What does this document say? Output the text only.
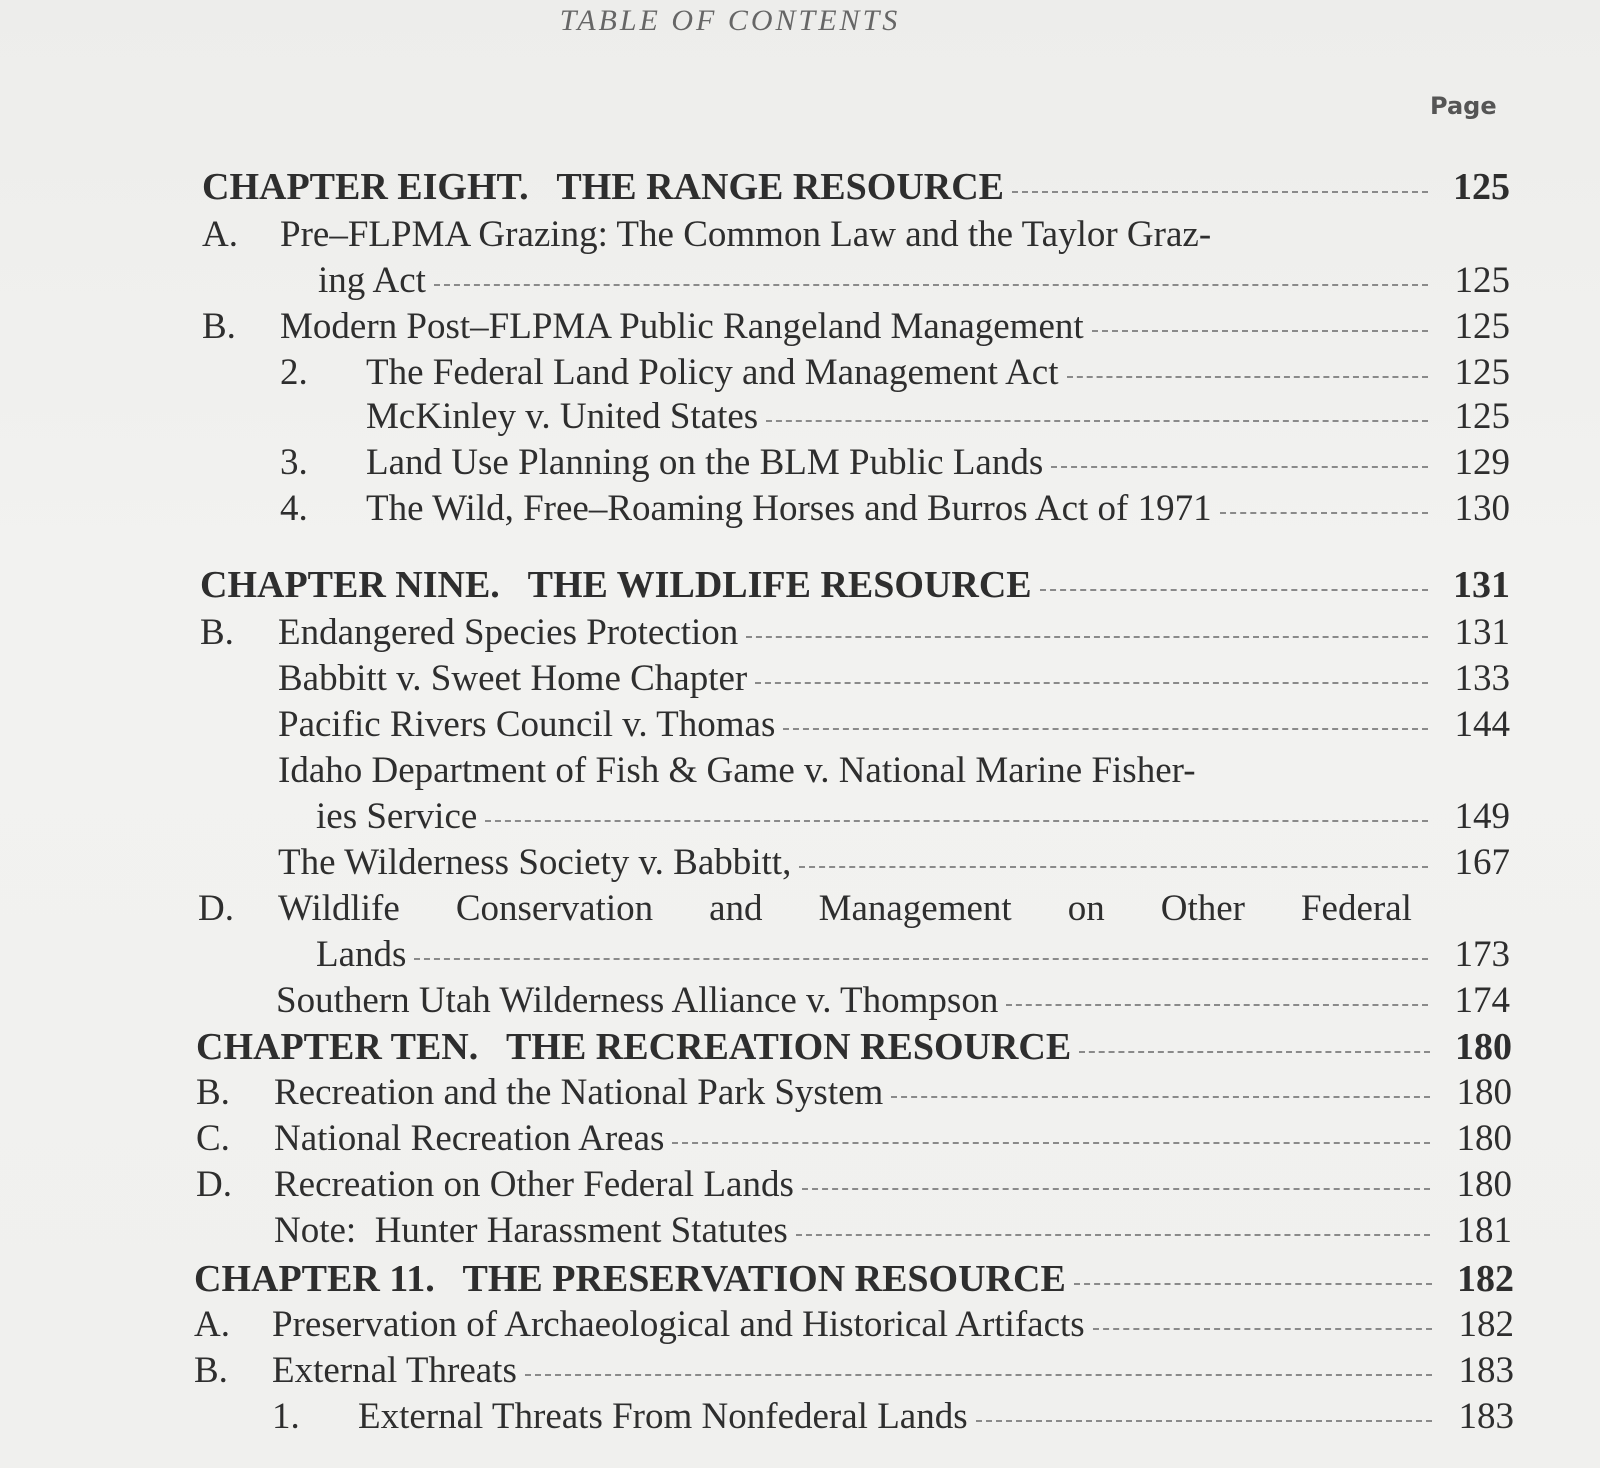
TABLE OF CONTENTS
Page
CHAPTER EIGHT.   THE RANGE RESOURCE	125
A. Pre–FLPMA Grazing: The Common Law and the Taylor Graz-
ing Act	125
B.	Modern Post–FLPMA Public Rangeland Management	125
2.	The Federal Land Policy and Management Act	125
McKinley v. United States	125
3.	Land Use Planning on the BLM Public Lands	129
4.	The Wild, Free–Roaming Horses and Burros Act of 1971	130
CHAPTER NINE.   THE WILDLIFE RESOURCE	131
B.	Endangered Species Protection	131
Babbitt v. Sweet Home Chapter	133
Pacific Rivers Council v. Thomas	144
Idaho Department of Fish & Game v. National Marine Fisher-
ies Service	149
The Wilderness Society v. Babbitt,	167
D. Wildlife Conservation and Management on Other Federal
Lands	173
Southern Utah Wilderness Alliance v. Thompson	174
CHAPTER TEN.   THE RECREATION RESOURCE	180
B.	Recreation and the National Park System	180
C.	National Recreation Areas	180
D.	Recreation on Other Federal Lands	180
Note:  Hunter Harassment Statutes	181
CHAPTER 11.   THE PRESERVATION RESOURCE	182
A.	Preservation of Archaeological and Historical Artifacts	182
B.	External Threats	183
1.	External Threats From Nonfederal Lands	183
